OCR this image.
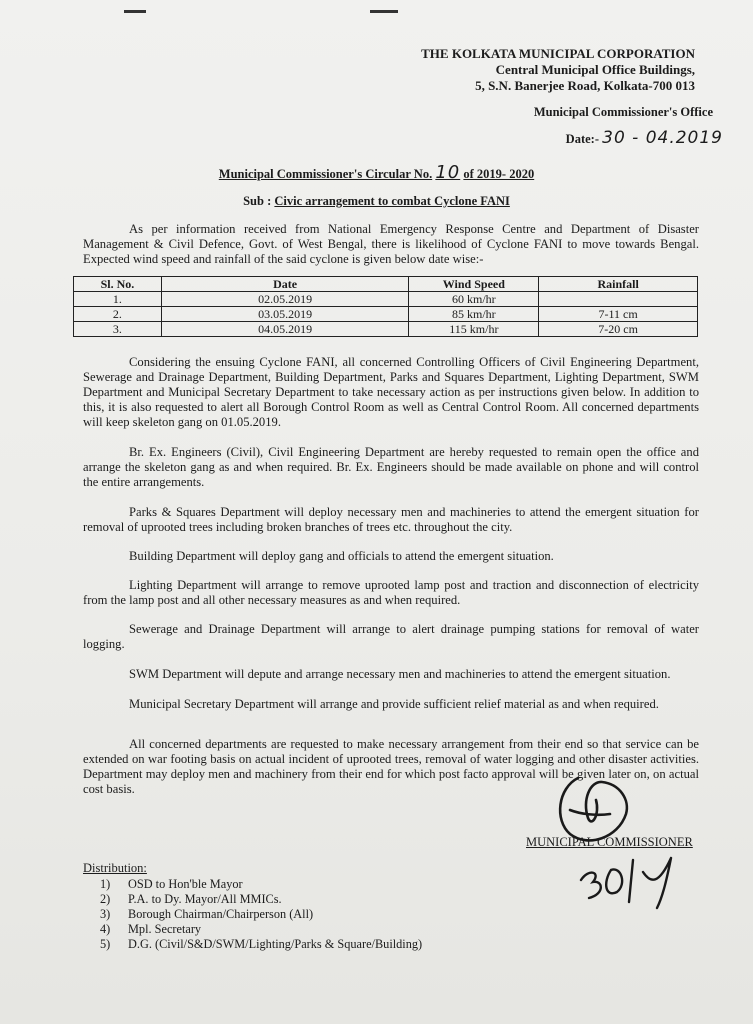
THE KOLKATA MUNICIPAL CORPORATION
Central Municipal Office Buildings,
5, S.N. Banerjee Road, Kolkata-700 013
Municipal Commissioner's Office
Date:- 30 - 04.2019
Municipal Commissioner's Circular No. 10 of 2019- 2020
Sub : Civic arrangement to combat Cyclone FANI
As per information received from National Emergency Response Centre and Department of Disaster Management & Civil Defence, Govt. of West Bengal, there is likelihood of Cyclone FANI to move towards Bengal. Expected wind speed and rainfall of the said cyclone is given below date wise:-
Sl. No.	Date	Wind Speed	Rainfall
1.	02.05.2019	60 km/hr	
2.	03.05.2019	85 km/hr	7-11 cm
3.	04.05.2019	115 km/hr	7-20 cm
Considering the ensuing Cyclone FANI, all concerned Controlling Officers of Civil Engineering Department, Sewerage and Drainage Department, Building Department, Parks and Squares Department, Lighting Department, SWM Department and Municipal Secretary Department to take necessary action as per instructions given below. In addition to this, it is also requested to alert all Borough Control Room as well as Central Control Room. All concerned departments will keep skeleton gang on 01.05.2019.
Br. Ex. Engineers (Civil), Civil Engineering Department are hereby requested to remain open the office and arrange the skeleton gang as and when required. Br. Ex. Engineers should be made available on phone and will control the entire arrangements.
Parks & Squares Department will deploy necessary men and machineries to attend the emergent situation for removal of uprooted trees including broken branches of trees etc. throughout the city.
Building Department will deploy gang and officials to attend the emergent situation.
Lighting Department will arrange to remove uprooted lamp post and traction and disconnection of electricity from the lamp post and all other necessary measures as and when required.
Sewerage and Drainage Department will arrange to alert drainage pumping stations for removal of water logging.
SWM Department will depute and arrange necessary men and machineries to attend the emergent situation.
Municipal Secretary Department will arrange and provide sufficient relief material as and when required.
All concerned departments are requested to make necessary arrangement from their end so that service can be extended on war footing basis on actual incident of uprooted trees, removal of water logging and other disaster activities. Department may deploy men and machinery from their end for which post facto approval will be given later on, on actual cost basis.
MUNICIPAL COMMISSIONER
Distribution:
1)	OSD to Hon'ble Mayor
2)	P.A. to Dy. Mayor/All MMICs.
3)	Borough Chairman/Chairperson (All)
4)	Mpl. Secretary
5)	D.G. (Civil/S&D/SWM/Lighting/Parks & Square/Building)
